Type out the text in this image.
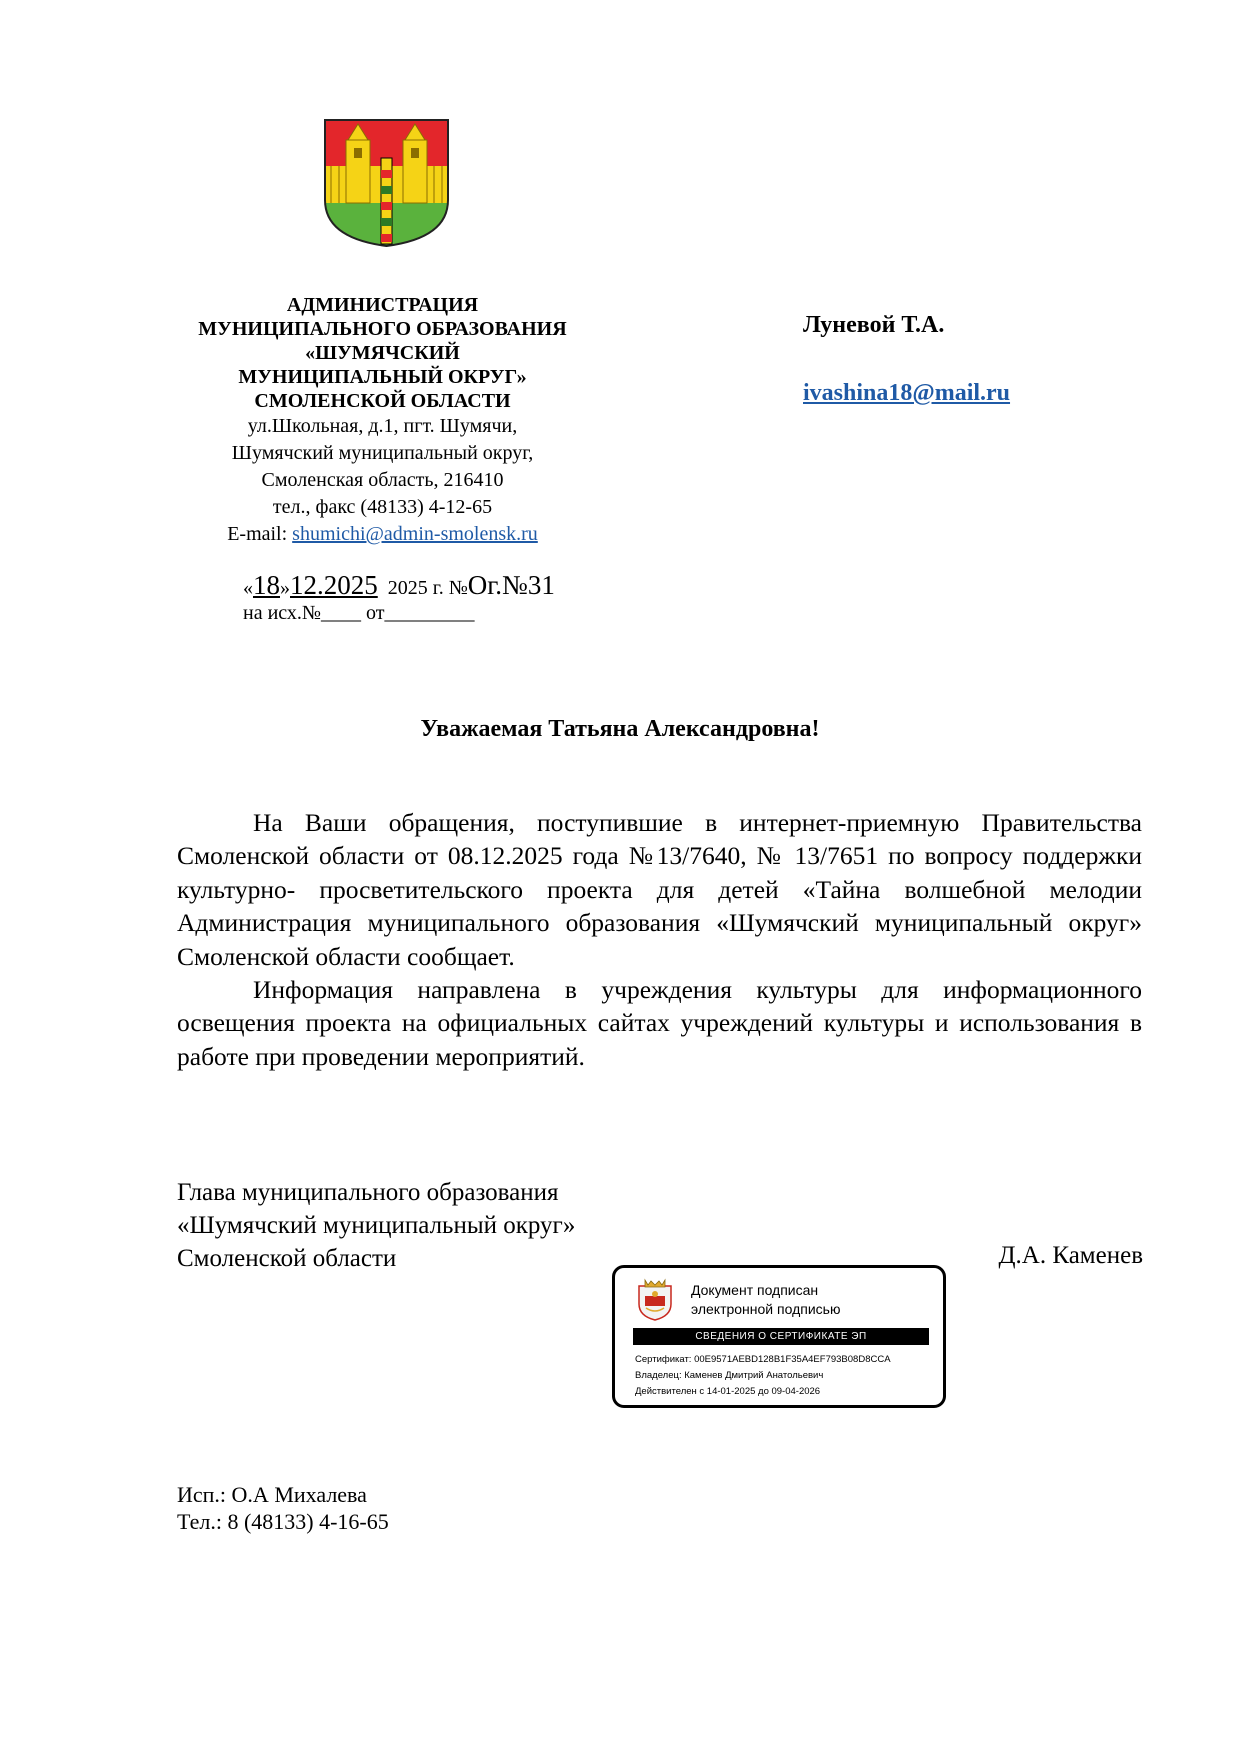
АДМИНИСТРАЦИЯ
МУНИЦИПАЛЬНОГО ОБРАЗОВАНИЯ
«ШУМЯЧСКИЙ
МУНИЦИПАЛЬНЫЙ ОКРУГ»
СМОЛЕНСКОЙ ОБЛАСТИ
ул.Школьная, д.1, пгт. Шумячи,
Шумячский муниципальный округ,
Смоленская область, 216410
тел., факс (48133) 4-12-65
E-mail: shumichi@admin-smolensk.ru
«18»12.2025 2025 г. №Ог.№31
на исх.№____ от_________
Луневой Т.А.
ivashina18@mail.ru
Уважаемая Татьяна Александровна!

На Ваши обращения, поступившие в интернет-приемную Правительства Смоленской области от 08.12.2025 года №13/7640, № 13/7651 по вопросу поддержки культурно- просветительского проекта для детей «Тайна волшебной мелодии Администрация муниципального образования «Шумячский муниципальный округ» Смоленской области сообщает.

Информация направлена в учреждения культуры для информационного освещения проекта на официальных сайтах учреждений культуры и использования в работе при проведении мероприятий.

Глава муниципального образования
«Шумячский муниципальный округ»
Смоленской области	Д.А. Каменев
Документ подписан
электронной подписью
СВЕДЕНИЯ О СЕРТИФИКАТЕ ЭП
Сертификат: 00E9571AEBD128B1F35A4EF793B08D8CCA
Владелец: Каменев Дмитрий Анатольевич
Действителен с 14-01-2025 до 09-04-2026
Исп.: О.А Михалева
Тел.: 8 (48133) 4-16-65
